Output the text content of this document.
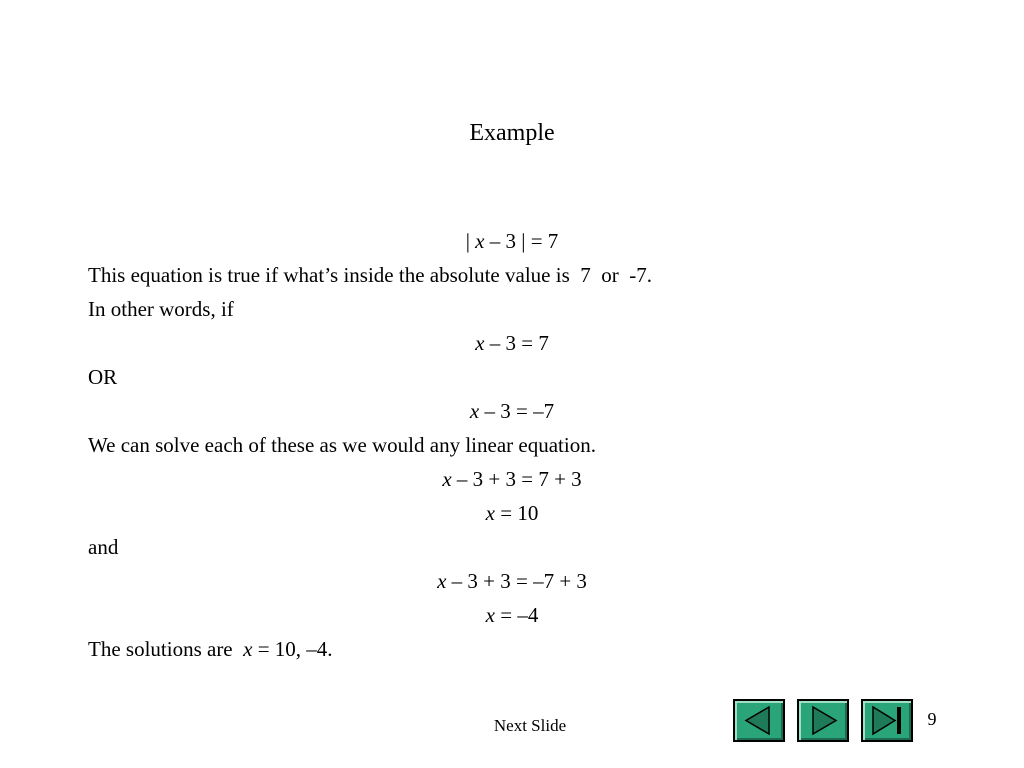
Example
| x – 3 | = 7
This equation is true if what’s inside the absolute value is  7  or  -7.
In other words, if
x – 3 = 7
OR
x – 3 = –7
We can solve each of these as we would any linear equation.
x – 3 + 3 = 7 + 3
x = 10
and
x – 3 + 3 = –7 + 3
x = –4
The solutions are  x = 10, –4.
Next Slide	9
